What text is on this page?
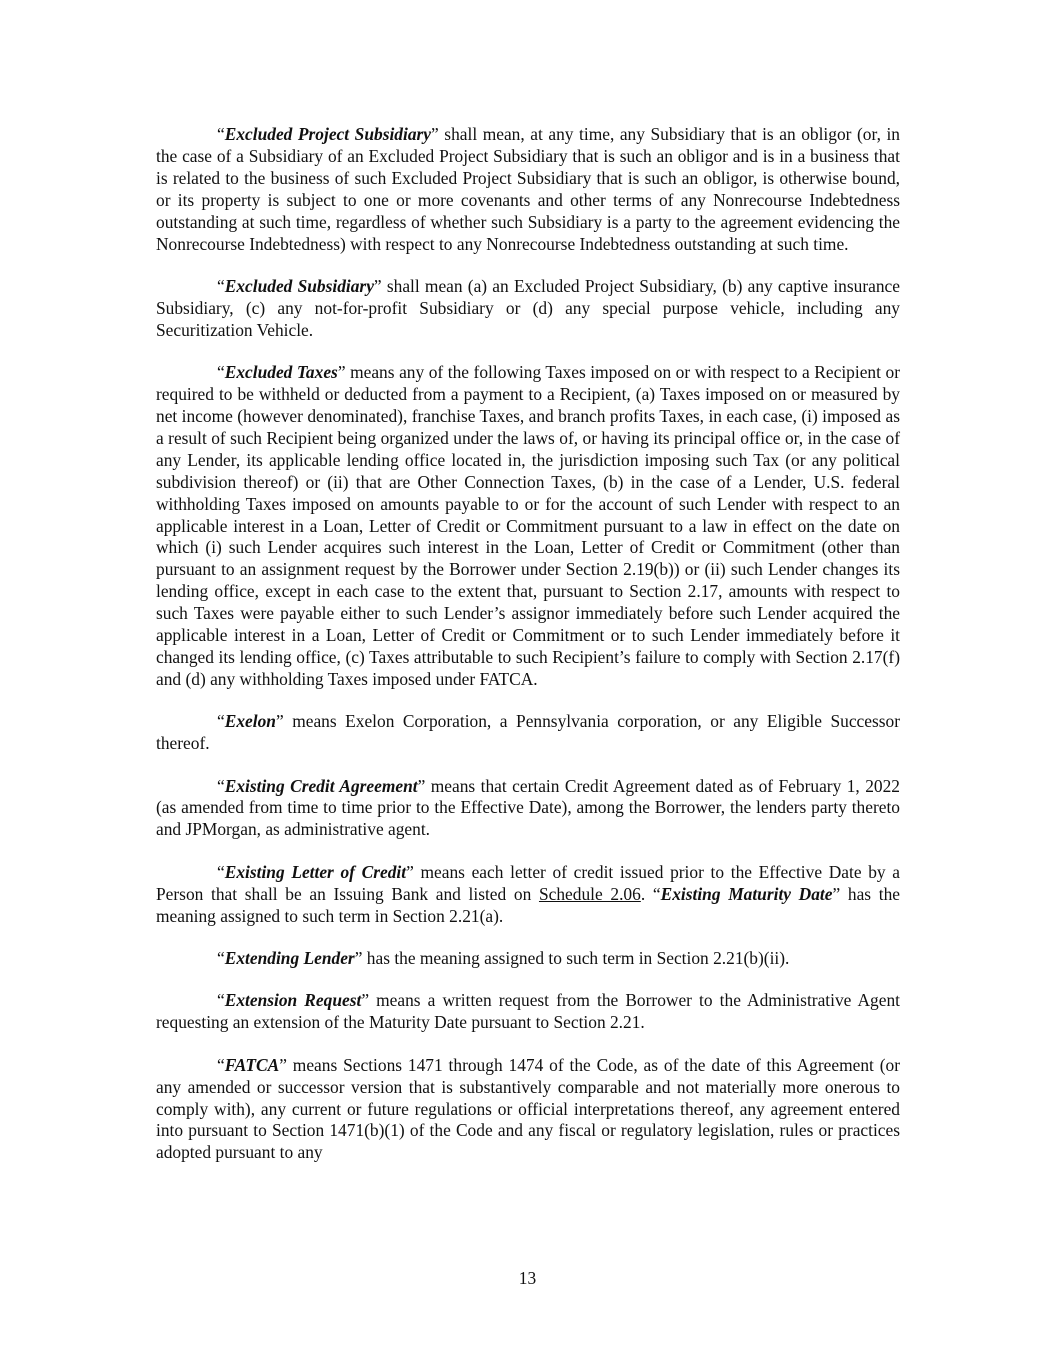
“Excluded Project Subsidiary” shall mean, at any time, any Subsidiary that is an obligor (or, in the case of a Subsidiary of an Excluded Project Subsidiary that is such an obligor and is in a business that is related to the business of such Excluded Project Subsidiary that is such an obligor, is otherwise bound, or its property is subject to one or more covenants and other terms of any Nonrecourse Indebtedness outstanding at such time, regardless of whether such Subsidiary is a party to the agreement evidencing the Nonrecourse Indebtedness) with respect to any Nonrecourse Indebtedness outstanding at such time.

“Excluded Subsidiary” shall mean (a) an Excluded Project Subsidiary, (b) any captive insurance Subsidiary, (c) any not-for-profit Subsidiary or (d) any special purpose vehicle, including any Securitization Vehicle.

“Excluded Taxes” means any of the following Taxes imposed on or with respect to a Recipient or required to be withheld or deducted from a payment to a Recipient, (a) Taxes imposed on or measured by net income (however denominated), franchise Taxes, and branch profits Taxes, in each case, (i) imposed as a result of such Recipient being organized under the laws of, or having its principal office or, in the case of any Lender, its applicable lending office located in, the jurisdiction imposing such Tax (or any political subdivision thereof) or (ii) that are Other Connection Taxes, (b) in the case of a Lender, U.S. federal withholding Taxes imposed on amounts payable to or for the account of such Lender with respect to an applicable interest in a Loan, Letter of Credit or Commitment pursuant to a law in effect on the date on which (i) such Lender acquires such interest in the Loan, Letter of Credit or Commitment (other than pursuant to an assignment request by the Borrower under Section 2.19(b)) or (ii) such Lender changes its lending office, except in each case to the extent that, pursuant to Section 2.17, amounts with respect to such Taxes were payable either to such Lender’s assignor immediately before such Lender acquired the applicable interest in a Loan, Letter of Credit or Commitment or to such Lender immediately before it changed its lending office, (c) Taxes attributable to such Recipient’s failure to comply with Section 2.17(f) and (d) any withholding Taxes imposed under FATCA.

“Exelon” means Exelon Corporation, a Pennsylvania corporation, or any Eligible Successor thereof.

“Existing Credit Agreement” means that certain Credit Agreement dated as of February 1, 2022 (as amended from time to time prior to the Effective Date), among the Borrower, the lenders party thereto and JPMorgan, as administrative agent.

“Existing Letter of Credit” means each letter of credit issued prior to the Effective Date by a Person that shall be an Issuing Bank and listed on Schedule 2.06. “Existing Maturity Date” has the meaning assigned to such term in Section 2.21(a).

“Extending Lender” has the meaning assigned to such term in Section 2.21(b)(ii).

“Extension Request” means a written request from the Borrower to the Administrative Agent requesting an extension of the Maturity Date pursuant to Section 2.21.

“FATCA” means Sections 1471 through 1474 of the Code, as of the date of this Agreement (or any amended or successor version that is substantively comparable and not materially more onerous to comply with), any current or future regulations or official interpretations thereof, any agreement entered into pursuant to Section 1471(b)(1) of the Code and any fiscal or regulatory legislation, rules or practices adopted pursuant to any

13
